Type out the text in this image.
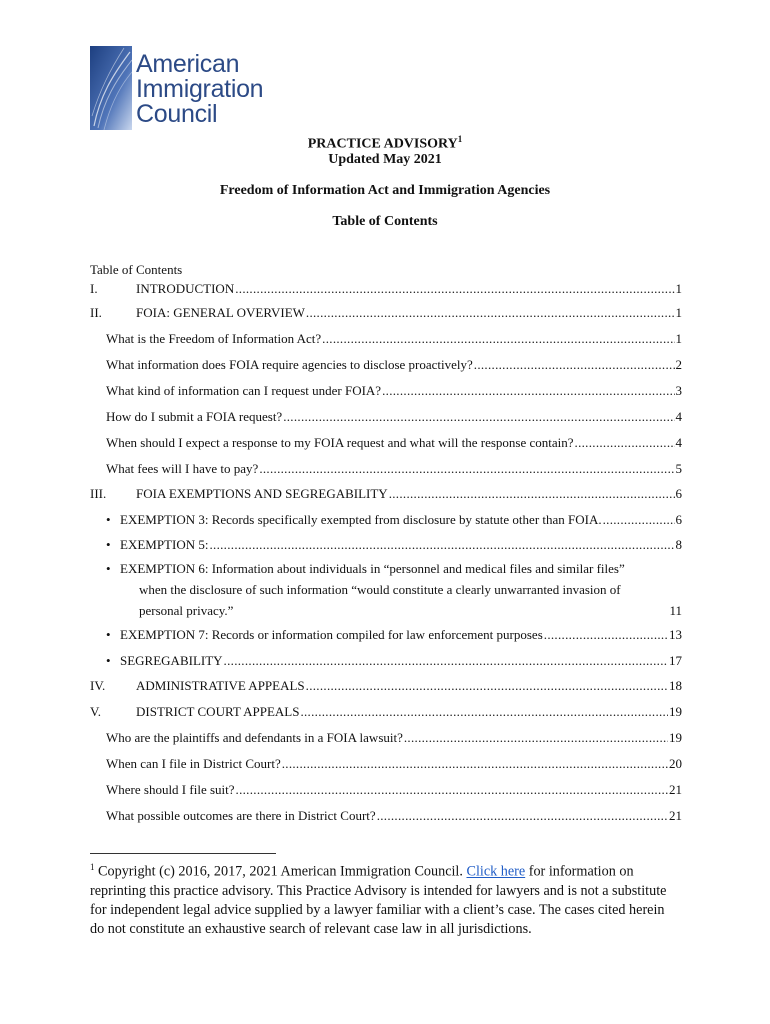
American
Immigration
Council
PRACTICE ADVISORY$^1$
Updated May 2021
Freedom of Information Act and Immigration Agencies
Table of Contents
Table of Contents
I.	INTRODUCTION .....	1
II.	FOIA: GENERAL OVERVIEW .....	1
What is the Freedom of Information Act? .....	1
What information does FOIA require agencies to disclose proactively? .....	2
What kind of information can I request under FOIA? .....	3
How do I submit a FOIA request? .....	4
When should I expect a response to my FOIA request and what will the response contain? .....	4
What fees will I have to pay? .....	5
III.	FOIA EXEMPTIONS AND SEGREGABILITY .....	6
• EXEMPTION 3: Records specifically exempted from disclosure by statute other than FOIA. .....	6
• EXEMPTION 5: .....	8
• EXEMPTION 6: Information about individuals in “personnel and medical files and similar files”
when the disclosure of such information “would constitute a clearly unwarranted invasion of
personal privacy.”	11
• EXEMPTION 7: Records or information compiled for law enforcement purposes .....	13
• SEGREGABILITY .....	17
IV.	ADMINISTRATIVE APPEALS .....	18
V.	DISTRICT COURT APPEALS .....	19
Who are the plaintiffs and defendants in a FOIA lawsuit? .....	19
When can I file in District Court? .....	20
Where should I file suit? .....	21
What possible outcomes are there in District Court? .....	21
$^1$ Copyright (c) 2016, 2017, 2021 American Immigration Council. Click here for information on reprinting this practice advisory. This Practice Advisory is intended for lawyers and is not a substitute for independent legal advice supplied by a lawyer familiar with a client’s case. The cases cited herein do not constitute an exhaustive search of relevant case law in all jurisdictions.
